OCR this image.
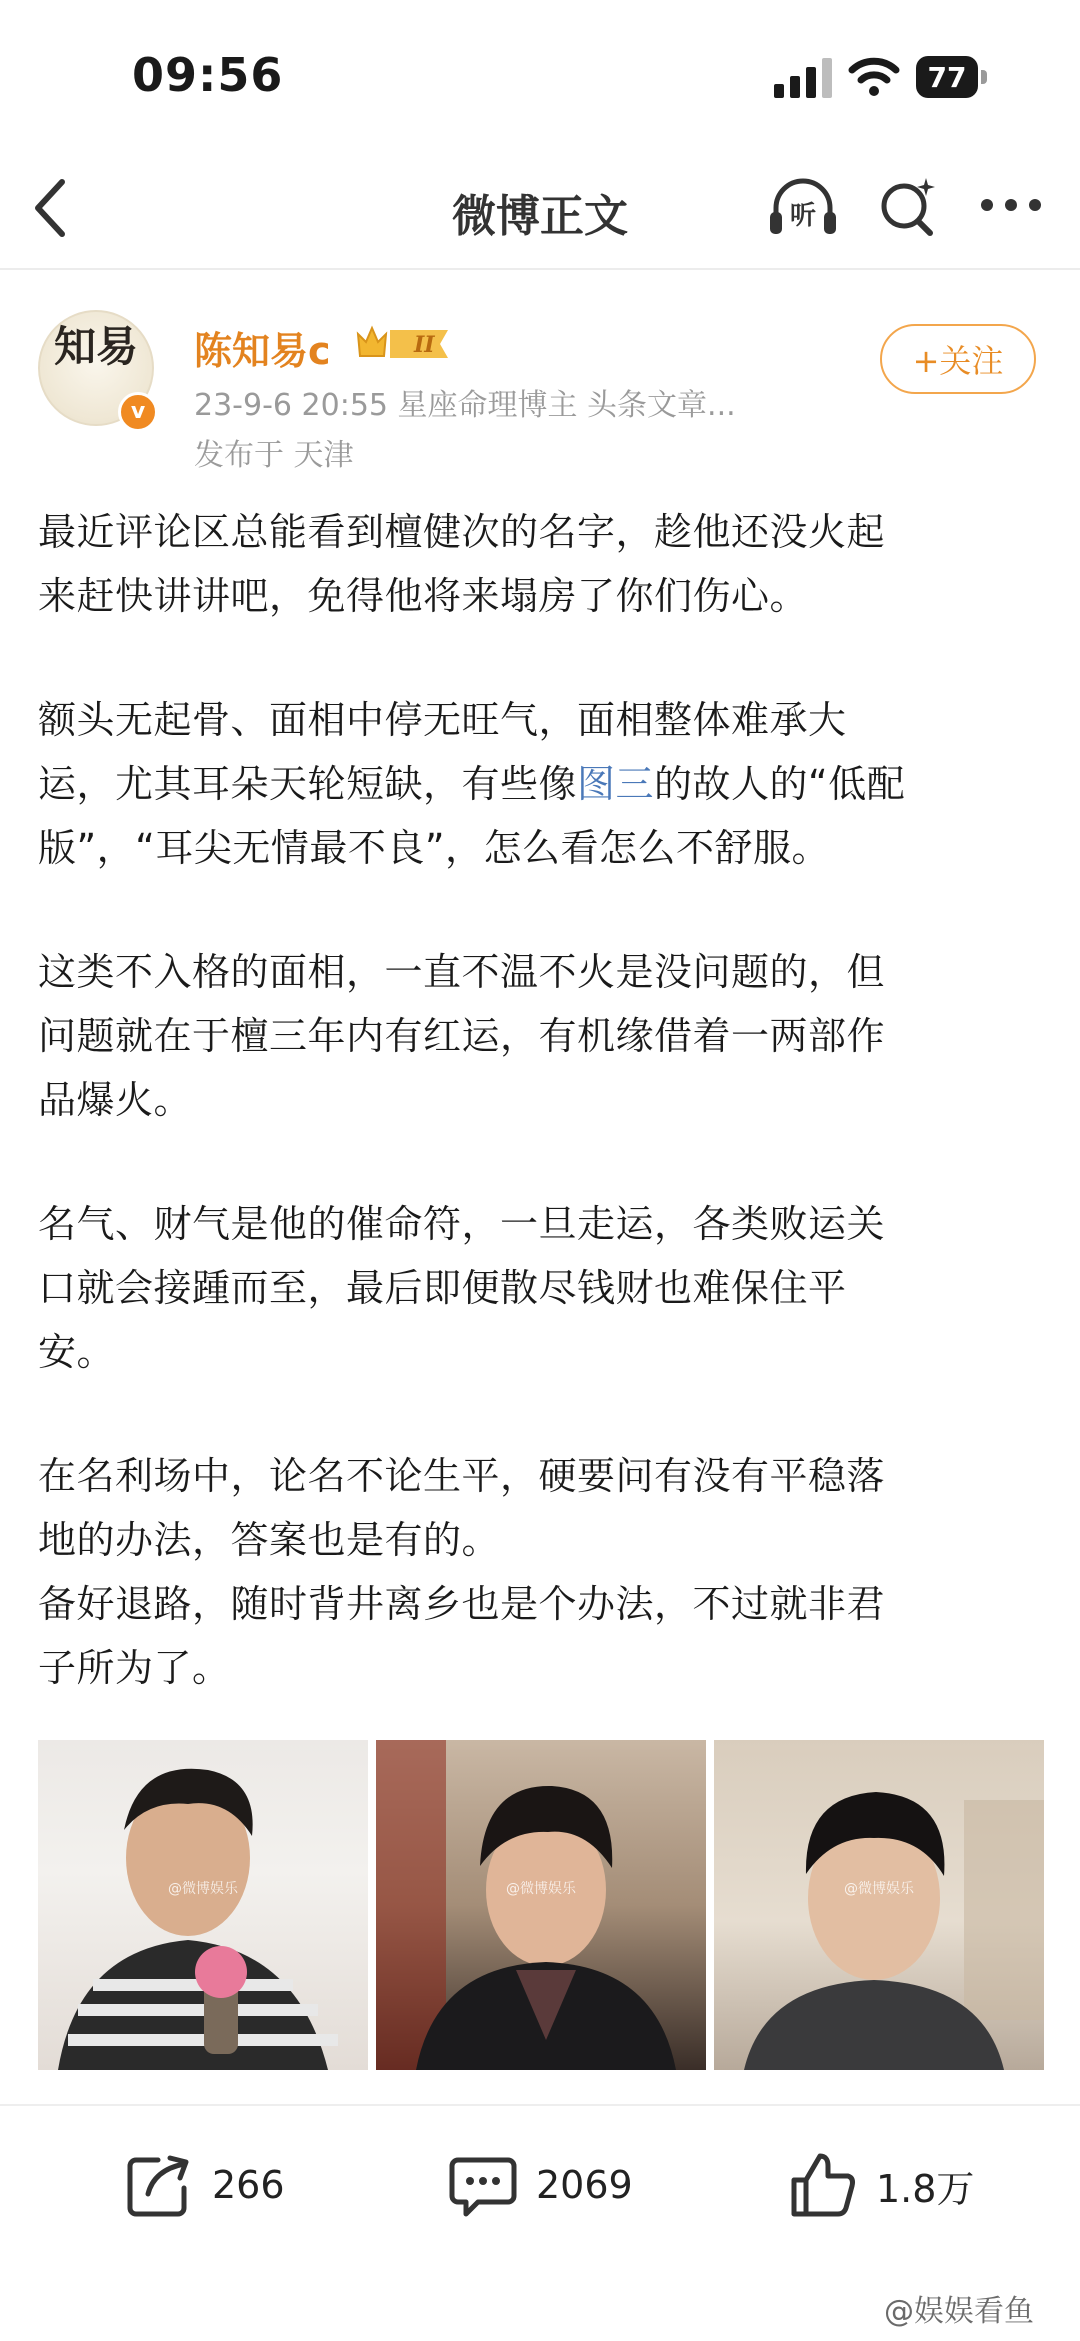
09:56	77
微博正文	听
知易
v
陈知易c	II
23-9-6 20:55 星座命理博主 头条文章...
发布于 天津
+关注

最近评论区总能看到檀健次的名字，趁他还没火起
来赶快讲讲吧，免得他将来塌房了你们伤心。

额头无起骨、面相中停无旺气，面相整体难承大
运，尤其耳朵天轮短缺，有些像图三的故人的“低配
版”，“耳尖无情最不良”，怎么看怎么不舒服。

这类不入格的面相，一直不温不火是没问题的，但
问题就在于檀三年内有红运，有机缘借着一两部作
品爆火。

名气、财气是他的催命符，一旦走运，各类败运关
口就会接踵而至，最后即便散尽钱财也难保住平
安。

在名利场中，论名不论生平，硬要问有没有平稳落
地的办法，答案也是有的。
备好退路，随时背井离乡也是个办法，不过就非君
子所为了。

@微博娱乐	@微博娱乐	@微博娱乐
266	2069	1.8万
@娱娱看鱼
